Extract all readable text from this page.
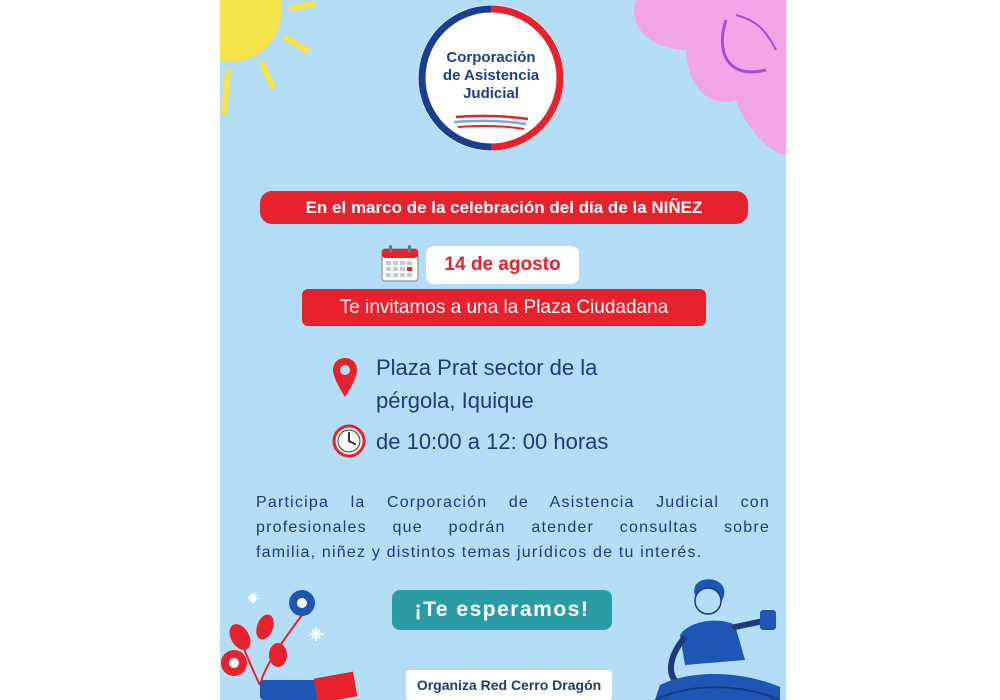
Corporación
de Asistencia
Judicial
En el marco de la celebración del día de la NIÑEZ
14 de agosto
Te invitamos a una la Plaza Ciudadana
Plaza Prat sector de la
pérgola, Iquique
de 10:00 a 12: 00 horas
Participa la Corporación de Asistencia Judicial con
profesionales que podrán atender consultas sobre
familia, niñez y distintos temas jurídicos de tu interés.
¡Te esperamos!
Organiza Red Cerro Dragón
